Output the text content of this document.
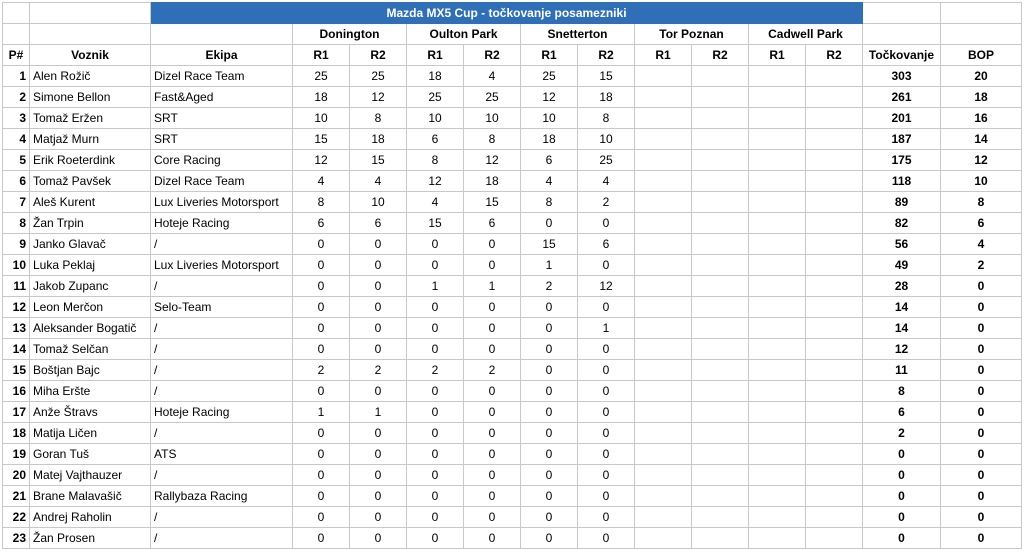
		Mazda MX5 Cup - točkovanje posamezniki												
			Donington		Oulton Park		Snetterton		Tor Poznan		Cadwell Park			
P#	Voznik	Ekipa	R1	R2	R1	R2	R1	R2	R1	R2	R1	R2	Točkovanje	BOP
1	Alen Rožič	Dizel Race Team	25	25	18	4	25	15					303	20
2	Simone Bellon	Fast&Aged	18	12	25	25	12	18					261	18
3	Tomaž Eržen	SRT	10	8	10	10	10	8					201	16
4	Matjaž Murn	SRT	15	18	6	8	18	10					187	14
5	Erik Roeterdink	Core Racing	12	15	8	12	6	25					175	12
6	Tomaž Pavšek	Dizel Race Team	4	4	12	18	4	4					118	10
7	Aleš Kurent	Lux Liveries Motorsport	8	10	4	15	8	2					89	8
8	Žan Trpin	Hoteje Racing	6	6	15	6	0	0					82	6
9	Janko Glavač	/	0	0	0	0	15	6					56	4
10	Luka Peklaj	Lux Liveries Motorsport	0	0	0	0	1	0					49	2
11	Jakob Zupanc	/	0	0	1	1	2	12					28	0
12	Leon Merčon	Selo-Team	0	0	0	0	0	0					14	0
13	Aleksander Bogatič	/	0	0	0	0	0	1					14	0
14	Tomaž Selčan	/	0	0	0	0	0	0					12	0
15	Boštjan Bajc	/	2	2	2	2	0	0					11	0
16	Miha Eršte	/	0	0	0	0	0	0					8	0
17	Anže Štravs	Hoteje Racing	1	1	0	0	0	0					6	0
18	Matija Ličen	/	0	0	0	0	0	0					2	0
19	Goran Tuš	ATS	0	0	0	0	0	0					0	0
20	Matej Vajthauzer	/	0	0	0	0	0	0					0	0
21	Brane Malavašič	Rallybaza Racing	0	0	0	0	0	0					0	0
22	Andrej Raholin	/	0	0	0	0	0	0					0	0
23	Žan Prosen	/	0	0	0	0	0	0					0	0
